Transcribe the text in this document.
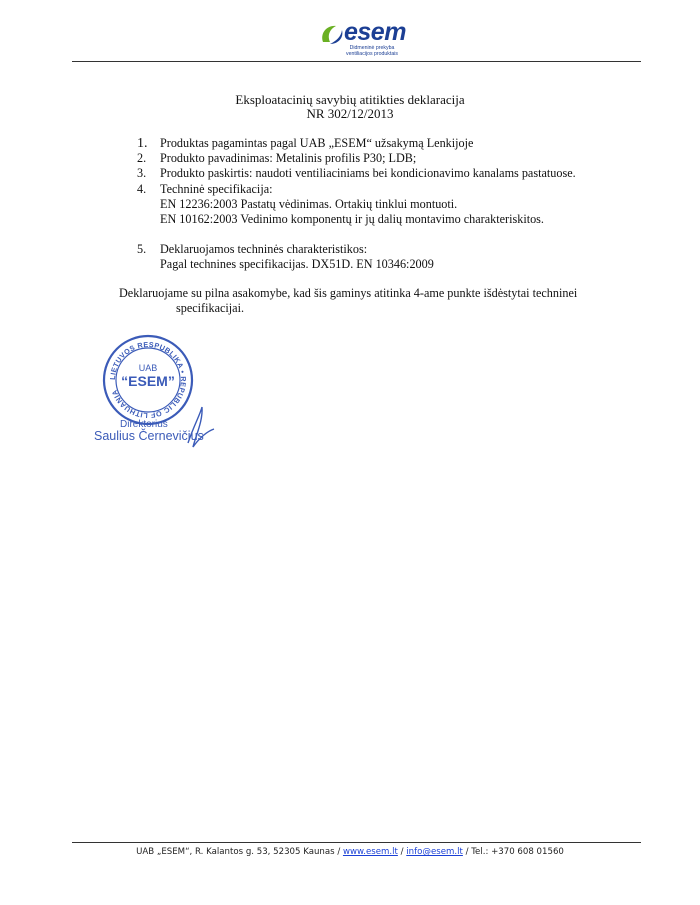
esem
Didmeninė prekyba
ventiliacijos produktais
Eksploatacinių savybių atitikties deklaracija
NR 302/12/2013
1.	Produktas pagamintas pagal UAB „ESEM“ užsakymą Lenkijoje
2.	Produkto pavadinimas: Metalinis profilis P30; LDB;
3.	Produkto paskirtis: naudoti ventiliaciniams bei kondicionavimo kanalams pastatuose.
4.	Techninė specifikacija:
EN 12236:2003 Pastatų vėdinimas. Ortakių tinklui montuoti.
EN 10162:2003 Vedinimo komponentų ir jų dalių montavimo charakteriskitos.
5.	Deklaruojamos techninės charakteristikos:
Pagal technines specifikacijas. DX51D. EN 10346:2009
Deklaruojame su pilna asakomybe, kad šis gaminys atitinka 4-ame punkte išdėstytai techninei
specifikacijai.
LIETUVOS RESPUBLIKA • REPUBLIC OF LITHUANIA
UAB
“ESEM”
Direktorius
Saulius Černevičius
UAB „ESEM“, R. Kalantos g. 53, 52305 Kaunas / www.esem.lt / info@esem.lt / Tel.: +370 608 01560
